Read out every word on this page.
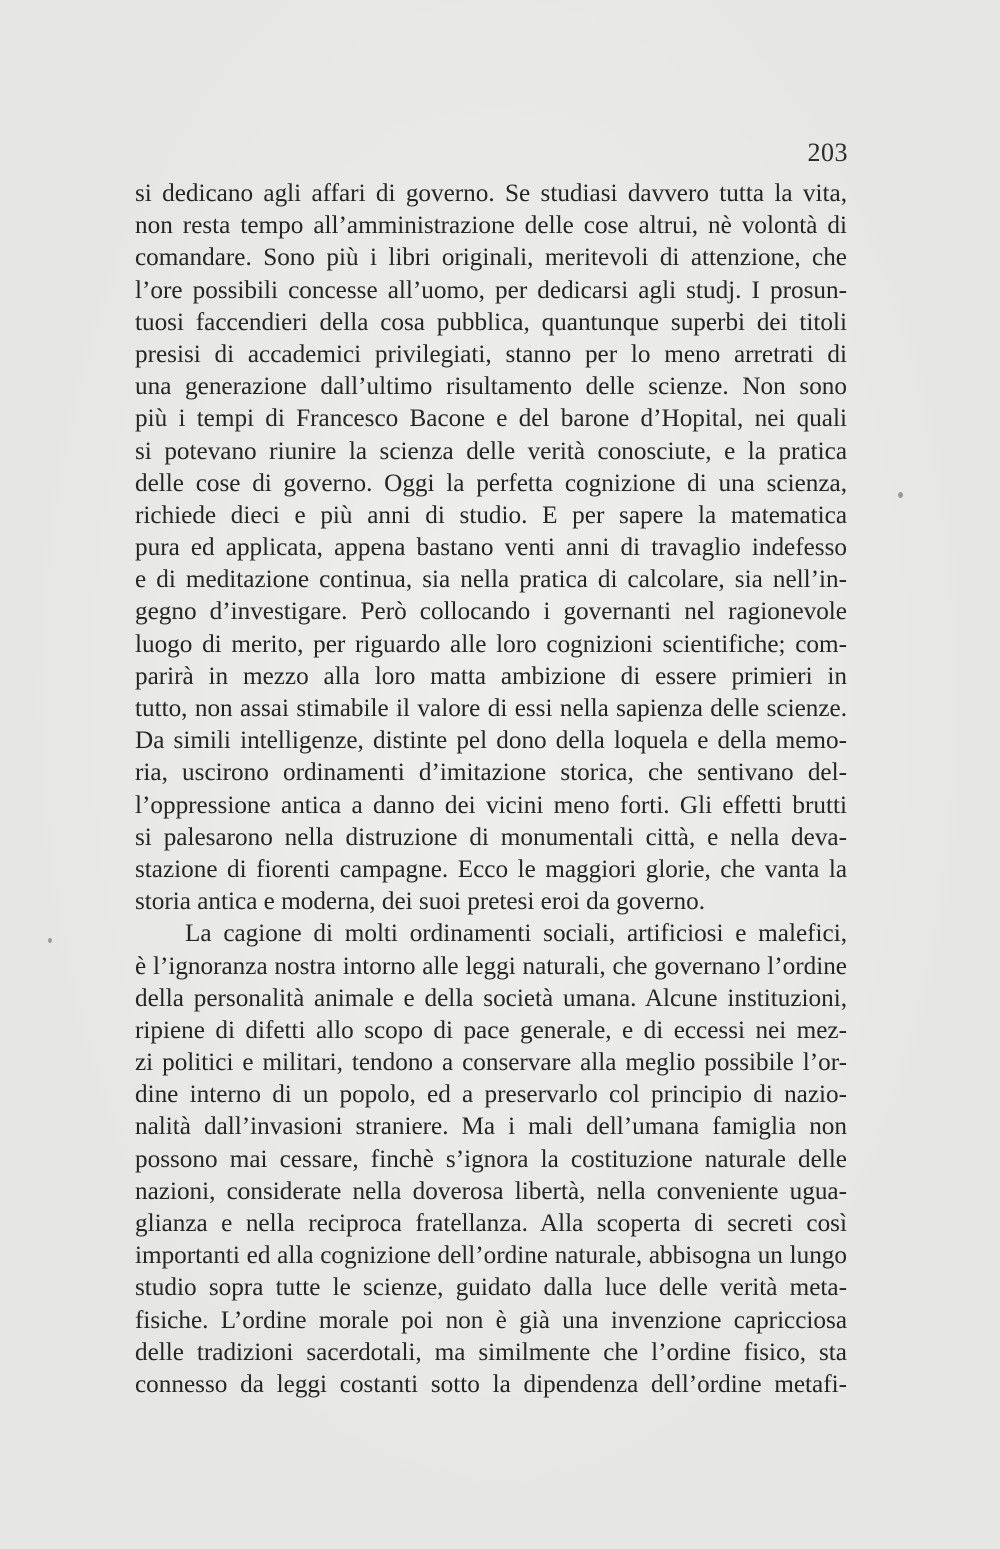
203
si dedicano agli affari di governo. Se studiasi davvero tutta la vita,
non resta tempo all’amministrazione delle cose altrui, nè volontà di
comandare. Sono più i libri originali, meritevoli di attenzione, che
l’ore possibili concesse all’uomo, per dedicarsi agli studj. I prosun-
tuosi faccendieri della cosa pubblica, quantunque superbi dei titoli
presisi di accademici privilegiati, stanno per lo meno arretrati di
una generazione dall’ultimo risultamento delle scienze. Non sono
più i tempi di Francesco Bacone e del barone d’Hopital, nei quali
si potevano riunire la scienza delle verità conosciute, e la pratica
delle cose di governo. Oggi la perfetta cognizione di una scienza,
richiede dieci e più anni di studio. E per sapere la matematica
pura ed applicata, appena bastano venti anni di travaglio indefesso
e di meditazione continua, sia nella pratica di calcolare, sia nell’in-
gegno d’investigare. Però collocando i governanti nel ragionevole
luogo di merito, per riguardo alle loro cognizioni scientifiche; com-
parirà in mezzo alla loro matta ambizione di essere primieri in
tutto, non assai stimabile il valore di essi nella sapienza delle scienze.
Da simili intelligenze, distinte pel dono della loquela e della memo-
ria, uscirono ordinamenti d’imitazione storica, che sentivano del-
l’oppressione antica a danno dei vicini meno forti. Gli effetti brutti
si palesarono nella distruzione di monumentali città, e nella deva-
stazione di fiorenti campagne. Ecco le maggiori glorie, che vanta la
storia antica e moderna, dei suoi pretesi eroi da governo.
La cagione di molti ordinamenti sociali, artificiosi e malefici,
è l’ignoranza nostra intorno alle leggi naturali, che governano l’ordine
della personalità animale e della società umana. Alcune instituzioni,
ripiene di difetti allo scopo di pace generale, e di eccessi nei mez-
zi politici e militari, tendono a conservare alla meglio possibile l’or-
dine interno di un popolo, ed a preservarlo col principio di nazio-
nalità dall’invasioni straniere. Ma i mali dell’umana famiglia non
possono mai cessare, finchè s’ignora la costituzione naturale delle
nazioni, considerate nella doverosa libertà, nella conveniente ugua-
glianza e nella reciproca fratellanza. Alla scoperta di secreti così
importanti ed alla cognizione dell’ordine naturale, abbisogna un lungo
studio sopra tutte le scienze, guidato dalla luce delle verità meta-
fisiche. L’ordine morale poi non è già una invenzione capricciosa
delle tradizioni sacerdotali, ma similmente che l’ordine fisico, sta
connesso da leggi costanti sotto la dipendenza dell’ordine metafi-
